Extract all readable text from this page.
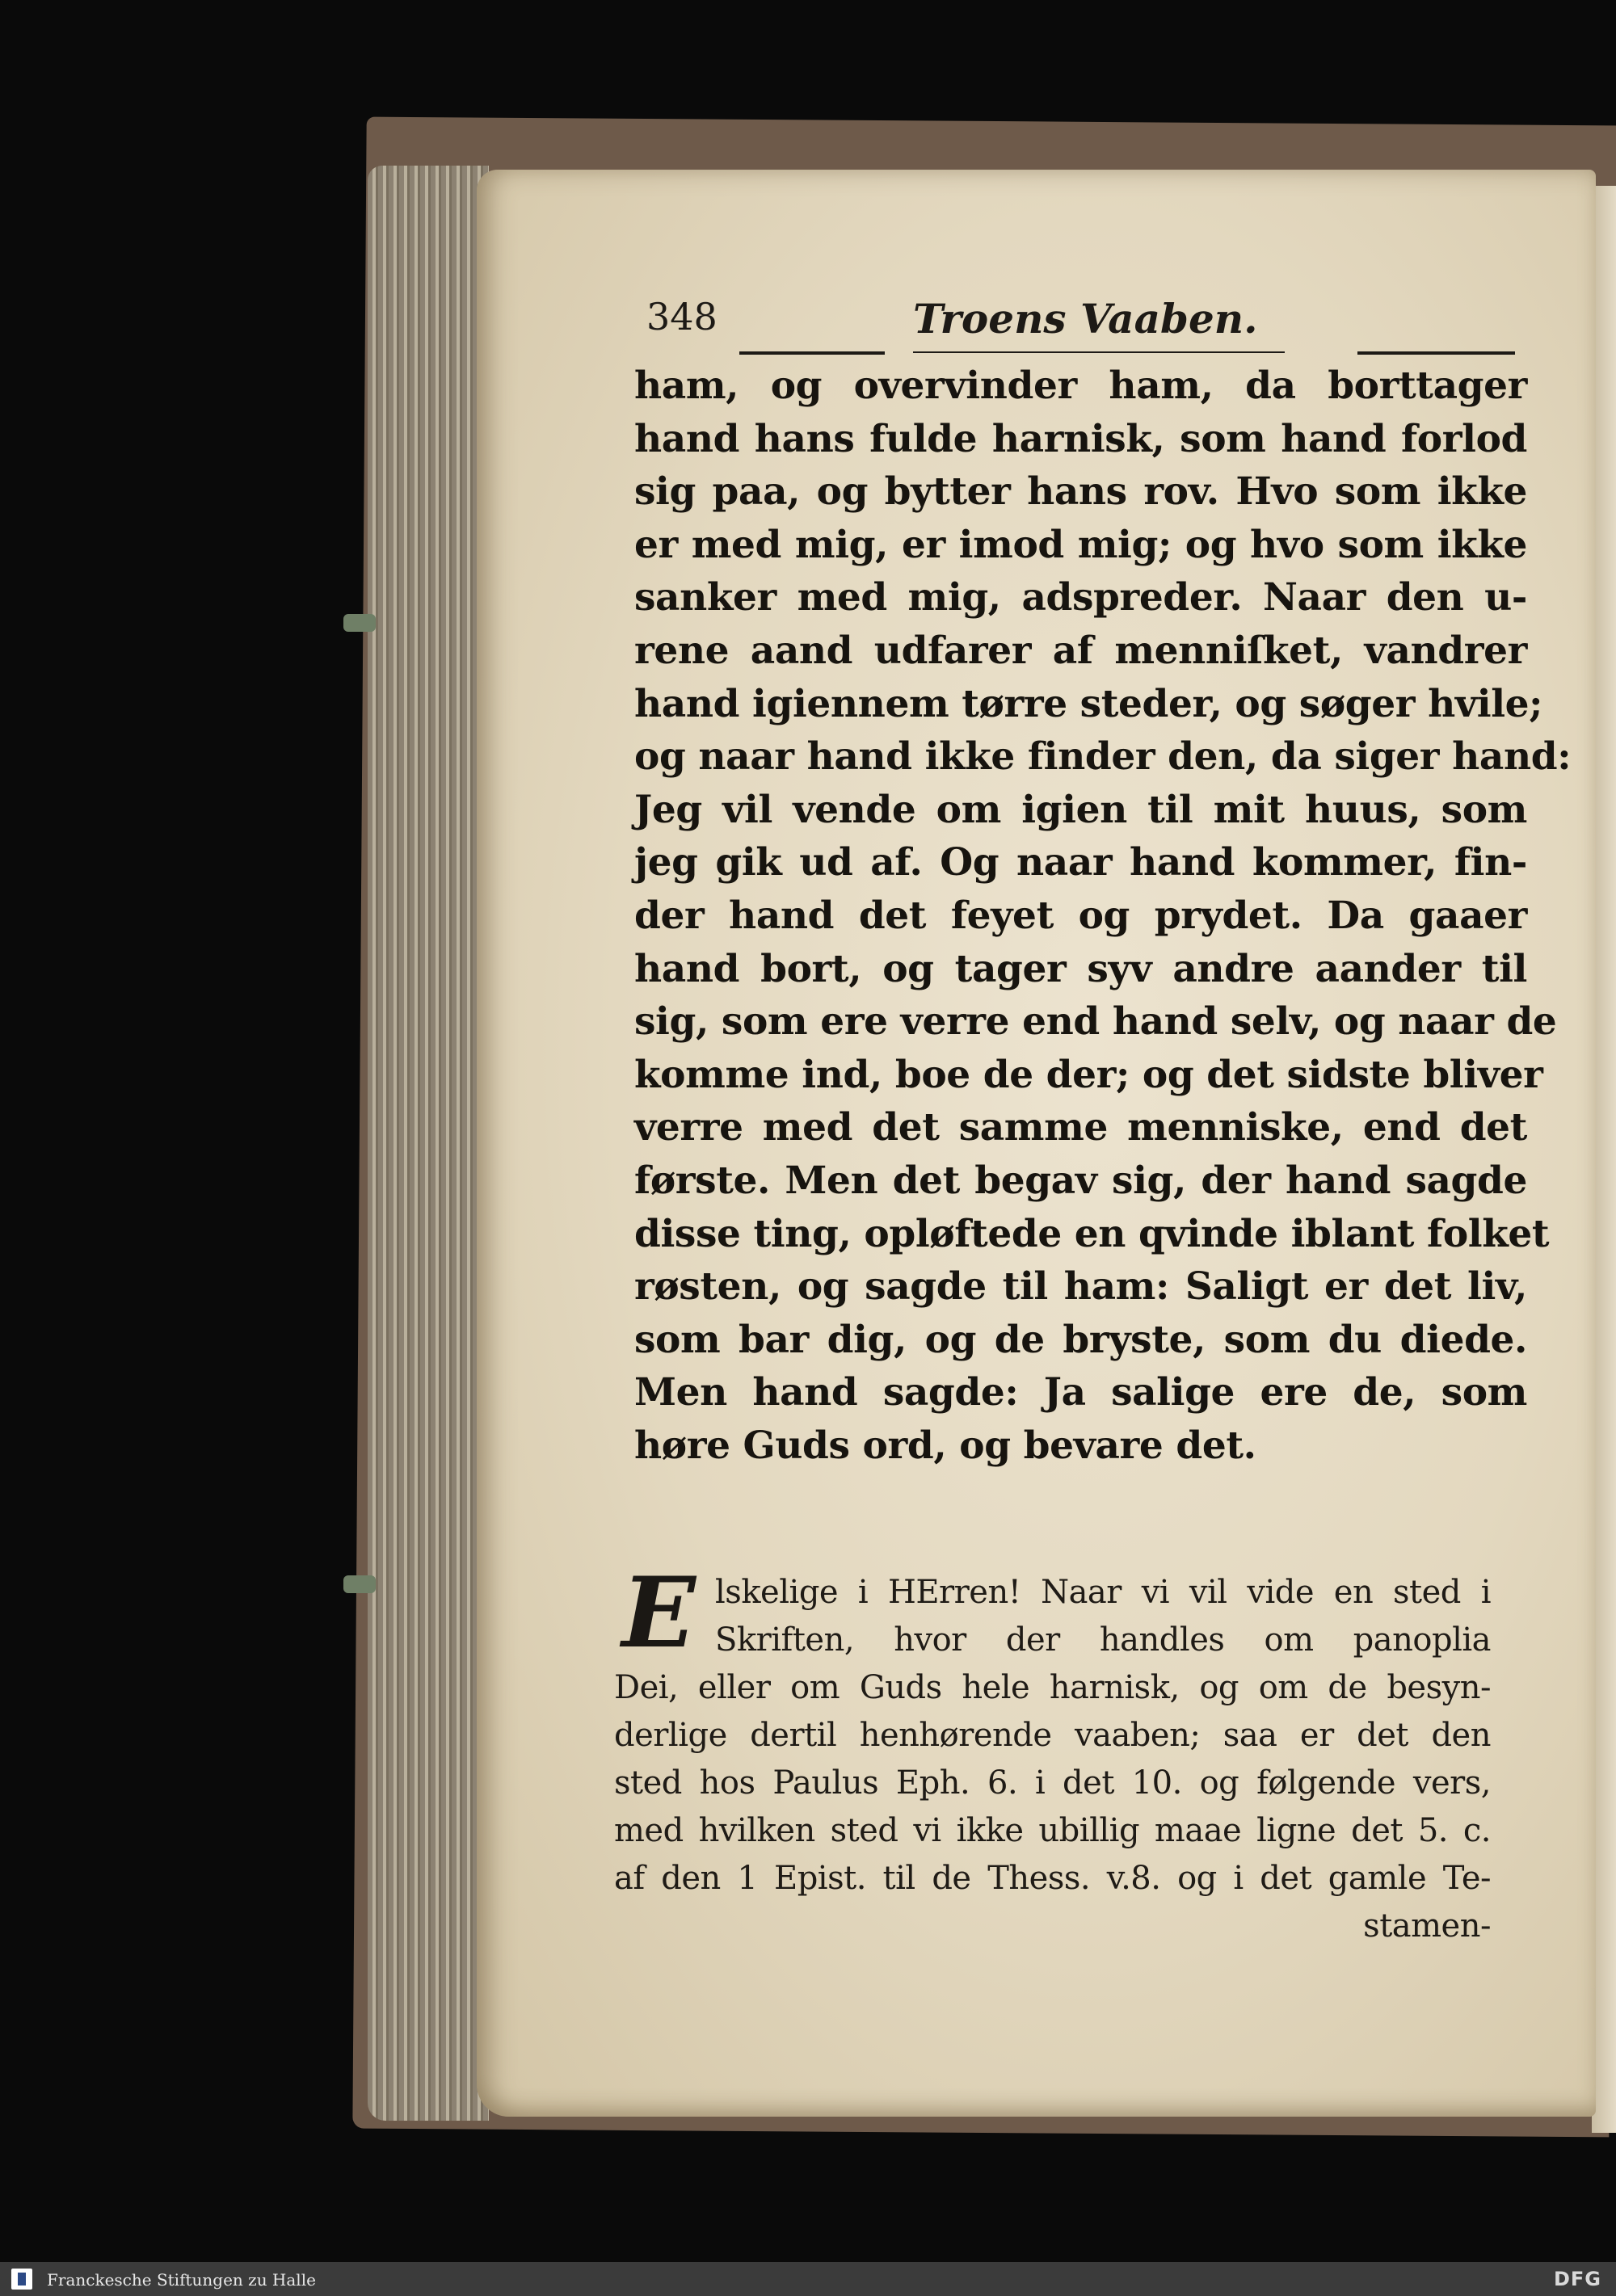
348	Troens Vaaben.
ham, og overvinder ham, da borttager
hand hans fulde harnisk, som hand forlod
sig paa, og bytter hans rov. Hvo som ikke
er med mig, er imod mig; og hvo som ikke
sanker med mig, adspreder. Naar den u-
rene aand udfarer af menniſket, vandrer
hand igiennem tørre steder, og søger hvile;
og naar hand ikke finder den, da siger hand:
Jeg vil vende om igien til mit huus, som
jeg gik ud af. Og naar hand kommer, fin-
der hand det feyet og prydet. Da gaaer
hand bort, og tager syv andre aander til
sig, som ere verre end hand selv, og naar de
komme ind, boe de der; og det sidste bliver
verre med det samme menniske, end det
første. Men det begav sig, der hand sagde
disse ting, opløftede en qvinde iblant folket
røsten, og sagde til ham: Saligt er det liv,
som bar dig, og de bryste, som du diede.
Men hand sagde: Ja salige ere de, som
høre Guds ord, og bevare det.
E lskelige i HErren! Naar vi vil vide en sted i
Skriften, hvor der handles om panoplia
Dei, eller om Guds hele harnisk, og om de besyn-
derlige dertil henhørende vaaben; saa er det den
sted hos Paulus Eph. 6. i det 10. og følgende vers,
med hvilken sted vi ikke ubillig maae ligne det 5. c.
af den 1 Epist. til de Thess. v.8. og i det gamle Te-
stamen-
Franckesche Stiftungen zu Halle	DFG
